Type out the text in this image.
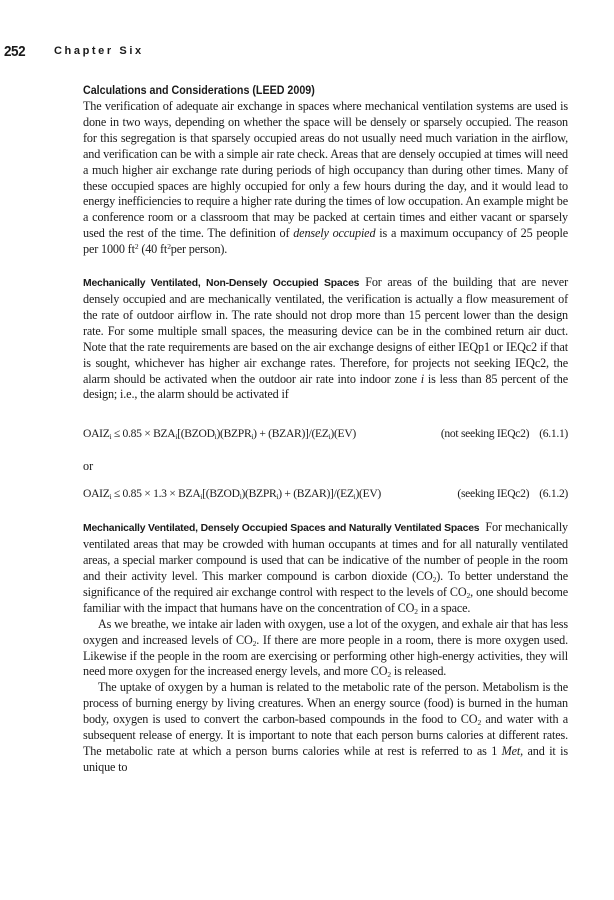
252	Chapter Six
Calculations and Considerations (LEED 2009)

The verification of adequate air exchange in spaces where mechanical ventilation systems are used is done in two ways, depending on whether the space will be densely or sparsely occupied. The reason for this segregation is that sparsely occupied areas do not usually need much variation in the airflow, and verification can be with a simple air rate check. Areas that are densely occupied at times will need a much higher air exchange rate during periods of high occupancy than during other times. Many of these occupied spaces are highly occupied for only a few hours during the day, and it would lead to energy inefficiencies to require a higher rate during the times of low occupation. An example might be a conference room or a classroom that may be packed at certain times and either vacant or sparsely used the rest of the time. The definition of densely occupied is a maximum occupancy of 25 people per 1000 $ft^2$ (40 $ft^2per$ person).

Mechanically Ventilated, Non-Densely Occupied Spaces For areas of the building that are never densely occupied and are mechanically ventilated, the verification is actually a flow measurement of the rate of outdoor airflow in. The rate should not drop more than 15 percent lower than the design rate. For some multiple small spaces, the measuring device can be in the combined return air duct. Note that the rate requirements are based on the air exchange designs of either IEQp1 or IEQc2 if that is sought, whichever has higher air exchange rates. Therefore, for projects not seeking IEQc2, the alarm should be activated when the outdoor air rate into indoor zone i is less than 85 percent of the design; i.e., the alarm should be activated if

$OAIZ_i \le 0.85$ × $BZA_i[(BZOD_i)(BZPR_i)$ + $(BZAR)]/(EZ_i)(EV)$	(not seeking IEQc2) (6.1.1)
or
$OAIZ_i \le 0.85 \times 1.3$ × $BZA_i[(BZOD_i)(BZPR_i)$ + $(BZAR)]/(EZ_i)(EV)$	(seeking IEQc2) (6.1.2)

Mechanically Ventilated, Densely Occupied Spaces and Naturally Ventilated Spaces For mechanically ventilated areas that may be crowded with human occupants at times and for all naturally ventilated areas, a special marker compound is used that can be indicative of the number of people in the room and their activity level. This marker compound is carbon dioxide $(CO_2)$. To better understand the significance of the required air exchange control with respect to the levels of $CO_2$, one should become familiar with the impact that humans have on the concentration of $CO_2$ in a space.

As we breathe, we intake air laden with oxygen, use a lot of the oxygen, and exhale air that has less oxygen and increased levels of $CO_2$. If there are more people in a room, there is more oxygen used. Likewise if the people in the room are exercising or performing other high-energy activities, they will need more oxygen for the increased energy levels, and more $CO_2$ is released.

The uptake of oxygen by a human is related to the metabolic rate of the person. Metabolism is the process of burning energy by living creatures. When an energy source (food) is burned in the human body, oxygen is used to convert the carbon-based compounds in the food to $CO_2$ and water with a subsequent release of energy. It is important to note that each person burns calories at different rates. The metabolic rate at which a person burns calories while at rest is referred to as 1 Met, and it is unique to
